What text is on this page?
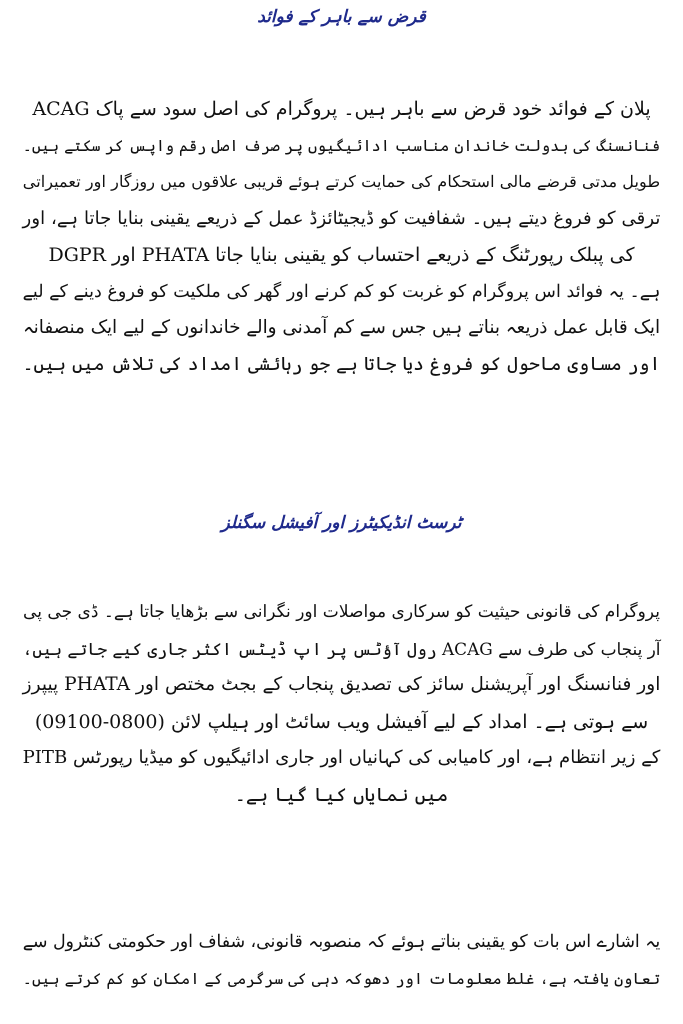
قرض سے باہر کے فوائد
ACAG پلان کے فوائد خود قرض سے باہر ہیں۔ پروگرام کی اصل سود سے پاک
فنانسنگ کی بدولت خاندان مناسب ادائیگیوں پر صرف اصل رقم واپس کر سکتے ہیں۔
طویل مدتی قرضے مالی استحکام کی حمایت کرتے ہوئے قریبی علاقوں میں روزگار اور تعمیراتی
ترقی کو فروغ دیتے ہیں۔ شفافیت کو ڈیجیٹائزڈ عمل کے ذریعے یقینی بنایا جاتا ہے، اور
DGPR اور PHATA کی پبلک رپورٹنگ کے ذریعے احتساب کو یقینی بنایا جاتا
ہے۔ یہ فوائد اس پروگرام کو غربت کو کم کرنے اور گھر کی ملکیت کو فروغ دینے کے لیے
ایک قابل عمل ذریعہ بناتے ہیں جس سے کم آمدنی والے خاندانوں کے لیے ایک منصفانہ
اور مساوی ماحول کو فروغ دیا جاتا ہے جو رہائشی امداد کی تلاش میں ہیں۔
ٹرسٹ انڈیکیٹرز اور آفیشل سگنلز
پروگرام کی قانونی حیثیت کو سرکاری مواصلات اور نگرانی سے بڑھایا جاتا ہے۔ ڈی جی پی
آر پنجاب کی طرف سے ACAG رول آؤٹس پر اپ ڈیٹس اکثر جاری کیے جاتے ہیں،
اور فنانسنگ اور آپریشنل سائز کی تصدیق پنجاب کے بجٹ مختص اور PHATA پیپرز
سے ہوتی ہے۔ امداد کے لیے آفیشل ویب سائٹ اور ہیلپ لائن (0800-09100)
PITB کے زیر انتظام ہے، اور کامیابی کی کہانیاں اور جاری ادائیگیوں کو میڈیا رپورٹس
میں نمایاں کیا گیا ہے۔
یہ اشارے اس بات کو یقینی بناتے ہوئے کہ منصوبہ قانونی، شفاف اور حکومتی کنٹرول سے
تعاون یافتہ ہے، غلط معلومات اور دھوکہ دہی کی سرگرمی کے امکان کو کم کرتے ہیں۔
